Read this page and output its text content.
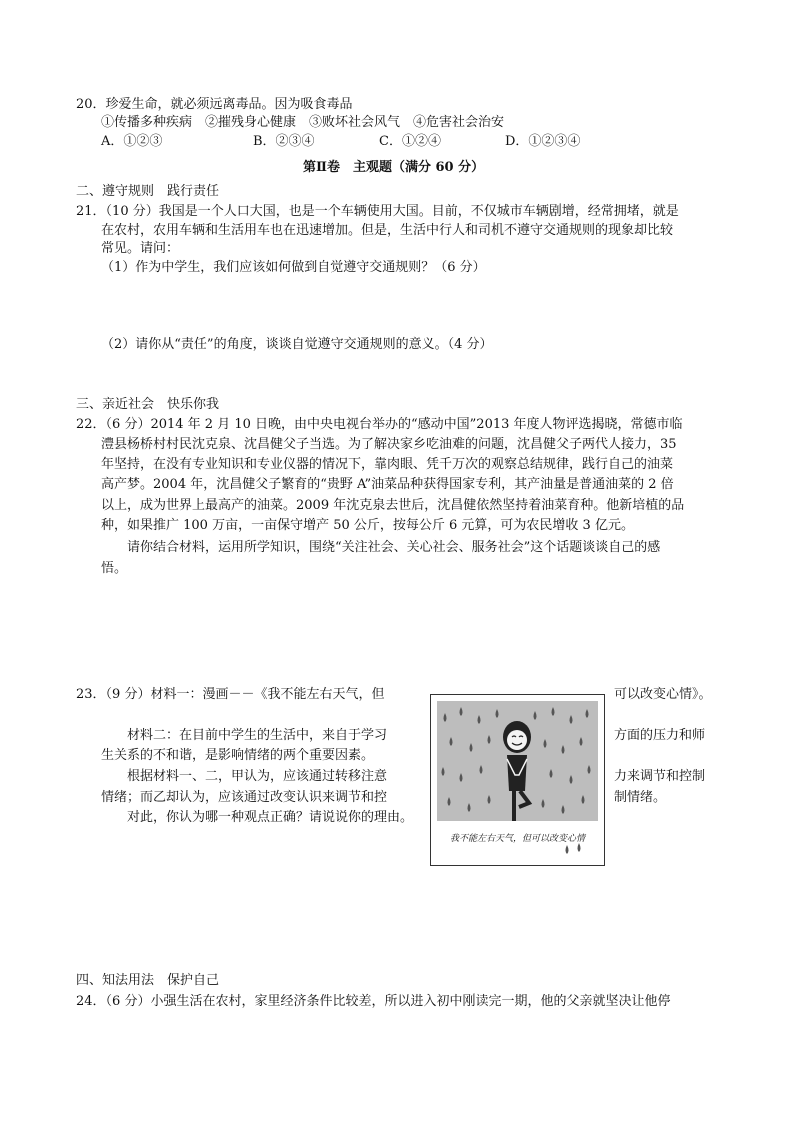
20．珍爱生命，就必须远离毒品。因为吸食毒品
①传播多种疾病　②摧残身心健康　③败坏社会风气　④危害社会治安
A．①②③	B．②③④	C．①②④	D．①②③④
第Ⅱ卷　主观题（满分 60 分）
二、遵守规则　践行责任
21．（10 分）我国是一个人口大国，也是一个车辆使用大国。目前，不仅城市车辆剧增，经常拥堵，就是
在农村，农用车辆和生活用车也在迅速增加。但是，生活中行人和司机不遵守交通规则的现象却比较
常见。请问：
（1）作为中学生，我们应该如何做到自觉遵守交通规则？（6 分）
（2）请你从“责任”的角度，谈谈自觉遵守交通规则的意义。（4 分）
三、亲近社会　快乐你我
22．（6 分）2014 年 2 月 10 日晚，由中央电视台举办的“感动中国”2013 年度人物评选揭晓，常德市临
澧县杨桥村村民沈克泉、沈昌健父子当选。为了解决家乡吃油难的问题，沈昌健父子两代人接力，35
年坚持，在没有专业知识和专业仪器的情况下，靠肉眼、凭千万次的观察总结规律，践行自己的油菜
高产梦。2004 年，沈昌健父子繁育的“贵野 A”油菜品种获得国家专利，其产油量是普通油菜的 2 倍
以上，成为世界上最高产的油菜。2009 年沈克泉去世后，沈昌健依然坚持着油菜育种。他新培植的品
种，如果推广 100 万亩，一亩保守增产 50 公斤，按每公斤 6 元算，可为农民增收 3 亿元。
请你结合材料，运用所学知识，围绕“关注社会、关心社会、服务社会”这个话题谈谈自己的感
悟。
23．（9 分）材料一：漫画－－《我不能左右天气，但	可以改变心情》。
材料二：在目前中学生的生活中，来自于学习	方面的压力和师
生关系的不和谐，是影响情绪的两个重要因素。
根据材料一、二，甲认为，应该通过转移注意	力来调节和控制
情绪；而乙却认为，应该通过改变认识来调节和控	制情绪。
对此，你认为哪一种观点正确？请说说你的理由。
我不能左右天气，但可以改变心情
四、知法用法　保护自己
24．（6 分）小强生活在农村，家里经济条件比较差，所以进入初中刚读完一期，他的父亲就坚决让他停
